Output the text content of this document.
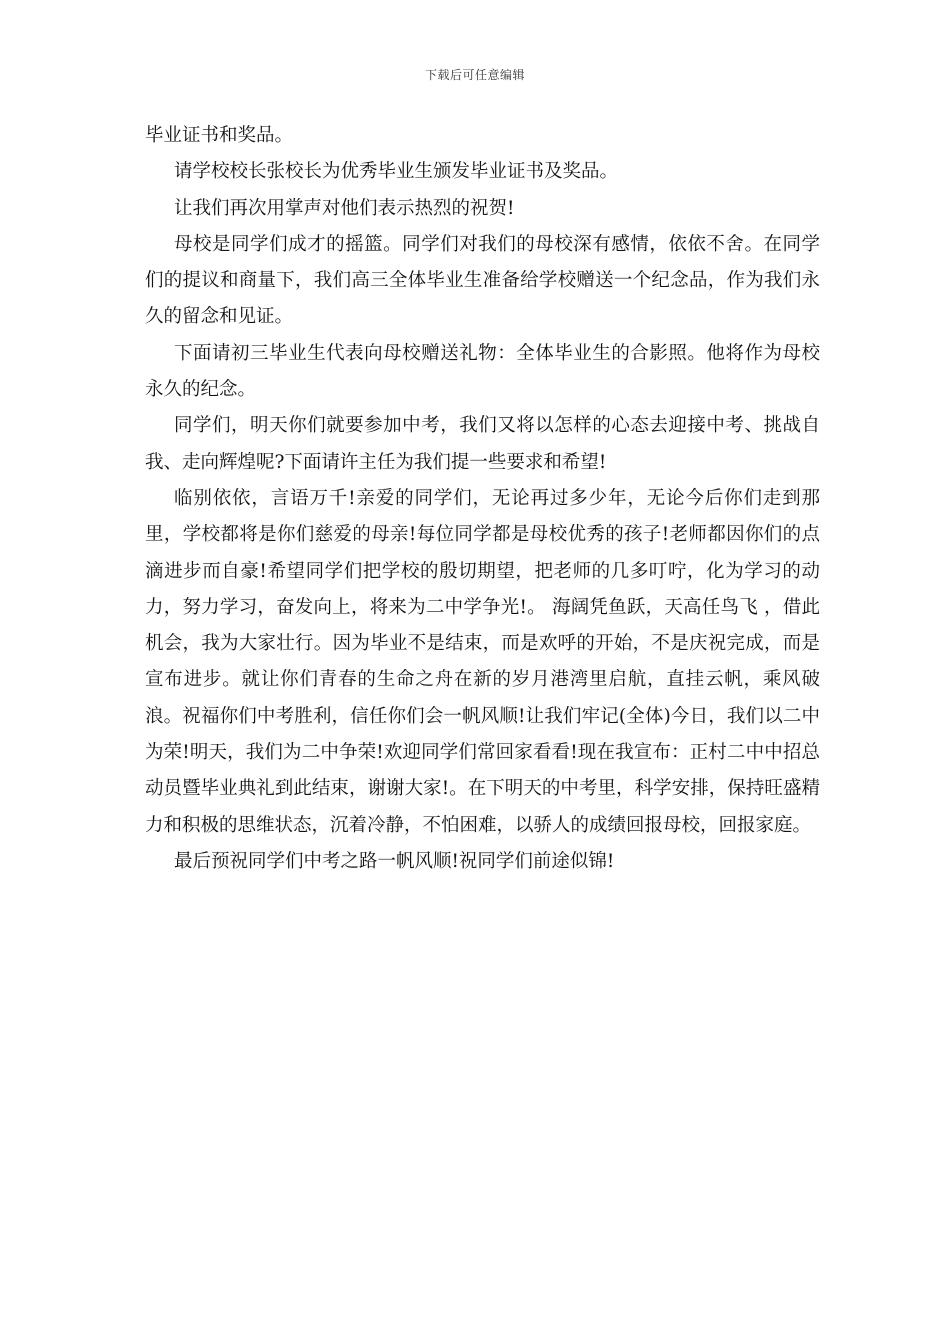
下载后可任意编辑

毕业证书和奖品。

请学校校长张校长为优秀毕业生颁发毕业证书及奖品。

让我们再次用掌声对他们表示热烈的祝贺!

母校是同学们成才的摇篮。同学们对我们的母校深有感情，依依不舍。在同学们的提议和商量下，我们高三全体毕业生准备给学校赠送一个纪念品，作为我们永久的留念和见证。

下面请初三毕业生代表向母校赠送礼物：全体毕业生的合影照。他将作为母校永久的纪念。

同学们，明天你们就要参加中考，我们又将以怎样的心态去迎接中考、挑战自我、走向辉煌呢?下面请许主任为我们提一些要求和希望!

临别依依，言语万千!亲爱的同学们，无论再过多少年，无论今后你们走到那里，学校都将是你们慈爱的母亲!每位同学都是母校优秀的孩子!老师都因你们的点滴进步而自豪!希望同学们把学校的殷切期望，把老师的几多叮咛，化为学习的动力，努力学习，奋发向上，将来为二中学争光!。 海阔凭鱼跃，天高任鸟飞 ，借此机会，我为大家壮行。因为毕业不是结束，而是欢呼的开始，不是庆祝完成，而是宣布进步。就让你们青春的生命之舟在新的岁月港湾里启航，直挂云帆，乘风破浪。祝福你们中考胜利，信任你们会一帆风顺!让我们牢记(全体)今日，我们以二中为荣!明天，我们为二中争荣!欢迎同学们常回家看看!现在我宣布：正村二中中招总动员暨毕业典礼到此结束，谢谢大家!。在下明天的中考里，科学安排，保持旺盛精力和积极的思维状态，沉着冷静，不怕困难，以骄人的成绩回报母校，回报家庭。

最后预祝同学们中考之路一帆风顺!祝同学们前途似锦!
